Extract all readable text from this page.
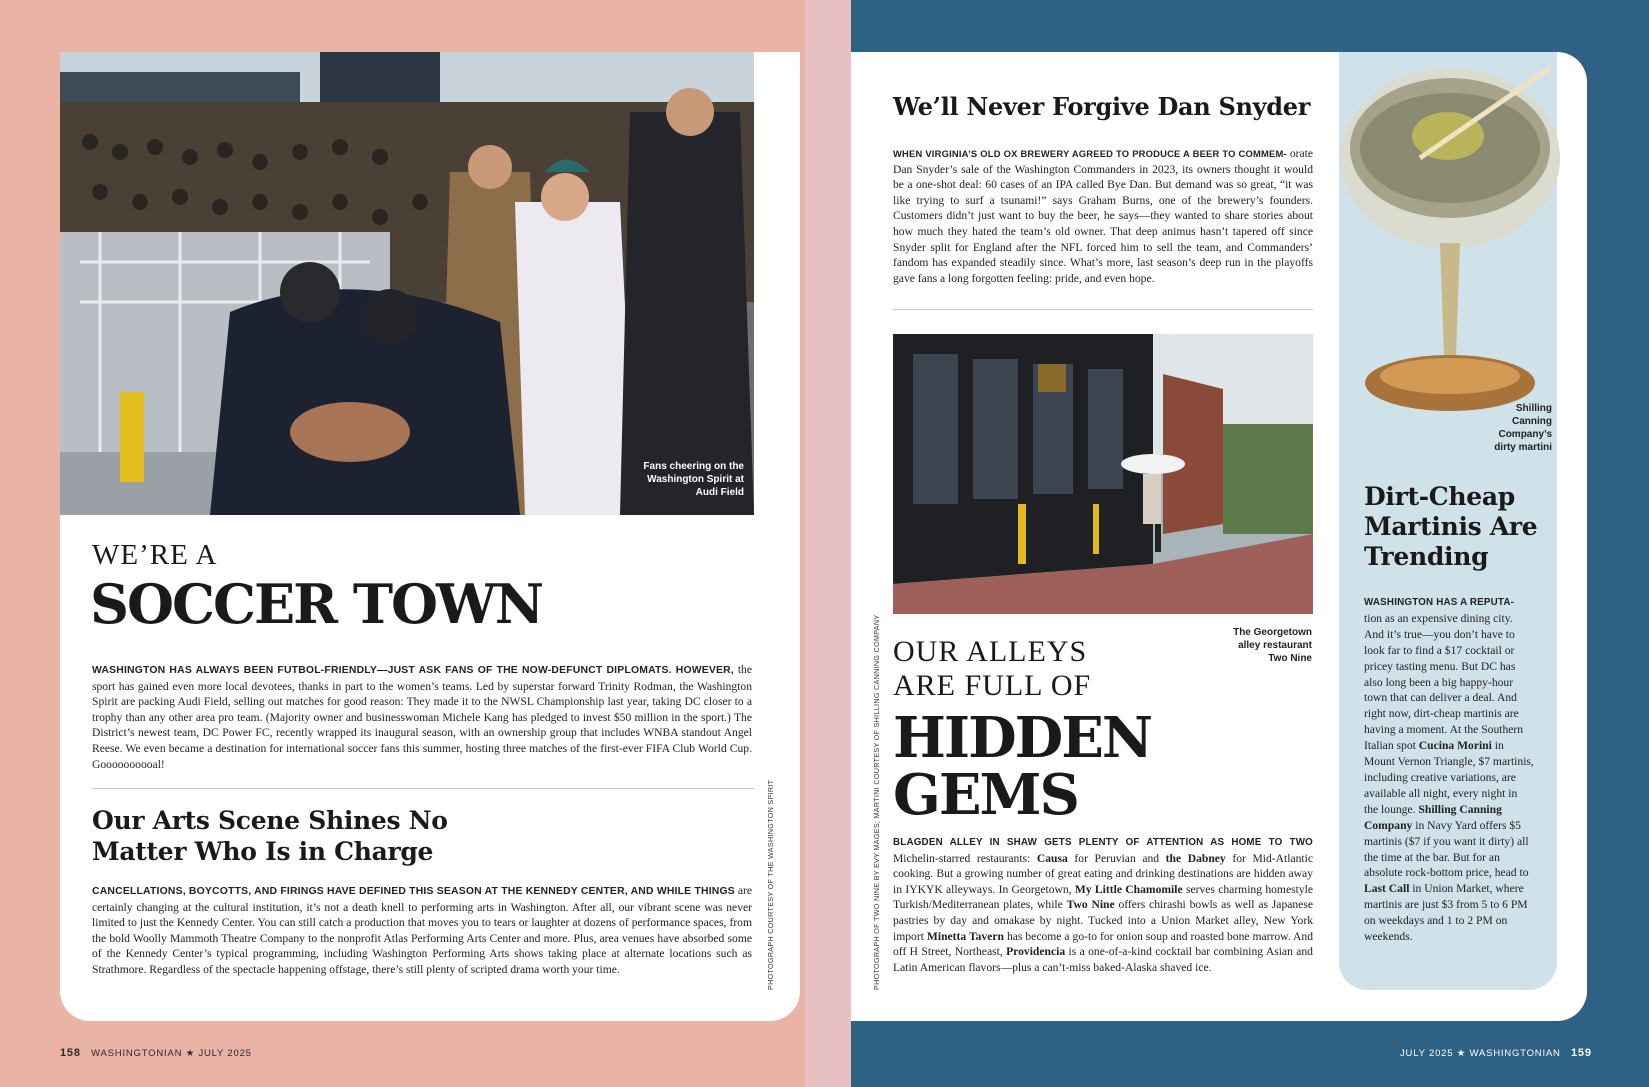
Fans cheering on the Washington Spirit at Audi Field
WE’RE A
SOCCER TOWN
WASHINGTON HAS ALWAYS BEEN FUTBOL-FRIENDLY—JUST ASK FANS OF THE NOW-DEFUNCT DIPLOMATS. HOWEVER, the sport has gained even more local devotees, thanks in part to the women’s teams. Led by superstar forward Trinity Rodman, the Washington Spirit are packing Audi Field, selling out matches for good reason: They made it to the NWSL Championship last year, taking DC closer to a trophy than any other area pro team. (Majority owner and businesswoman Michele Kang has pledged to invest $50 million in the sport.) The District’s newest team, DC Power FC, recently wrapped its inaugural season, with an ownership group that includes WNBA standout Angel Reese. We even became a destination for international soccer fans this summer, hosting three matches of the first-ever FIFA Club World Cup. Goooooooooal!
Our Arts Scene Shines No Matter Who Is in Charge
CANCELLATIONS, BOYCOTTS, AND FIRINGS HAVE DEFINED THIS SEASON AT THE KENNEDY CENTER, AND WHILE THINGS are certainly changing at the cultural institution, it’s not a death knell to performing arts in Washington. After all, our vibrant scene was never limited to just the Kennedy Center. You can still catch a production that moves you to tears or laughter at dozens of performance spaces, from the bold Woolly Mammoth Theatre Company to the nonprofit Atlas Performing Arts Center and more. Plus, area venues have absorbed some of the Kennedy Center’s typical programming, including Washington Performing Arts shows taking place at alternate locations such as Strathmore. Regardless of the spectacle happening offstage, there’s still plenty of scripted drama worth your time.	PHOTOGRAPH COURTESY OF THE WASHINGTON SPIRIT
158 WASHINGTONIAN ★ JULY 2025
We’ll Never Forgive Dan Snyder
WHEN VIRGINIA’S OLD OX BREWERY AGREED TO PRODUCE A BEER TO COMMEM- orate Dan Snyder’s sale of the Washington Commanders in 2023, its owners thought it would be a one-shot deal: 60 cases of an IPA called Bye Dan. But demand was so great, “it was like trying to surf a tsunami!” says Graham Burns, one of the brewery’s founders. Customers didn’t just want to buy the beer, he says—they wanted to share stories about how much they hated the team’s old owner. That deep animus hasn’t tapered off since Snyder split for England after the NFL forced him to sell the team, and Commanders’ fandom has expanded steadily since. What’s more, last season’s deep run in the playoffs gave fans a long forgotten feeling: pride, and even hope.
The Georgetown alley restaurant Two Nine
OUR ALLEYS
ARE FULL OF
HIDDEN
GEMS
BLAGDEN ALLEY IN SHAW GETS PLENTY OF ATTENTION AS HOME TO TWO Michelin-starred restaurants: Causa for Peruvian and the Dabney for Mid-Atlantic cooking. But a growing number of great eating and drinking destinations are hidden away in IYKYK alleyways. In Georgetown, My Little Chamomile serves charming homestyle Turkish/Mediterranean plates, while Two Nine offers chirashi bowls as well as Japanese pastries by day and omakase by night. Tucked into a Union Market alley, New York import Minetta Tavern has become a go-to for onion soup and roasted bone marrow. And off H Street, Northeast, Providencia is a one-of-a-kind cocktail bar combining Asian and Latin American flavors—plus a can’t-miss baked-Alaska shaved ice.
PHOTOGRAPH OF TWO NINE BY EVY MAGES; MARTINI COURTESY OF SHILLING CANNING COMPANY
Shilling Canning Company’s dirty martini
Dirt-Cheap Martinis Are Trending
WASHINGTON HAS A REPUTA- tion as an expensive dining city. And it’s true—you don’t have to look far to find a $17 cocktail or pricey tasting menu. But DC has also long been a big happy-hour town that can deliver a deal. And right now, dirt-cheap martinis are having a moment. At the Southern Italian spot Cucina Morini in Mount Vernon Triangle, $7 martinis, including creative variations, are available all night, every night in the lounge. Shilling Canning Company in Navy Yard offers $5 martinis ($7 if you want it dirty) all the time at the bar. But for an absolute rock-bottom price, head to Last Call in Union Market, where martinis are just $3 from 5 to 6 PM on weekdays and 1 to 2 PM on weekends.
JULY 2025 ★ WASHINGTONIAN 159
